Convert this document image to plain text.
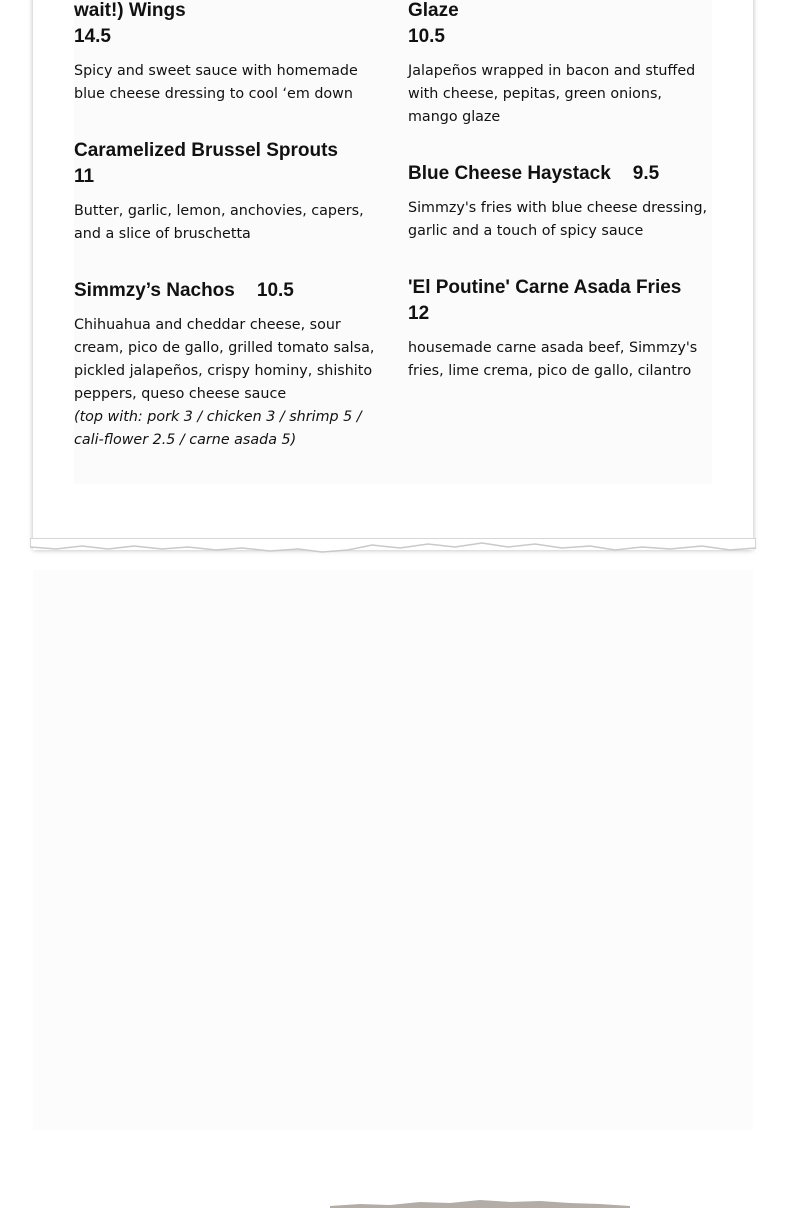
wait!) Wings
14.5
Spicy and sweet sauce with homemade blue cheese dressing to cool ‘em down
Caramelized Brussel Sprouts
11
Butter, garlic, lemon, anchovies, capers, and a slice of bruschetta
Simmzy’s Nachos 10.5
Chihuahua and cheddar cheese, sour cream, pico de gallo, grilled tomato salsa, pickled jalapeños, crispy hominy, shishito peppers, queso cheese sauce
(top with: pork 3 / chicken 3 / shrimp 5 / cali-flower 2.5 / carne asada 5)
Glaze
10.5
Jalapeños wrapped in bacon and stuffed with cheese, pepitas, green onions, mango glaze
Blue Cheese Haystack 9.5
Simmzy's fries with blue cheese dressing, garlic and a touch of spicy sauce
'El Poutine' Carne Asada Fries
12
housemade carne asada beef, Simmzy's fries, lime crema, pico de gallo, cilantro
